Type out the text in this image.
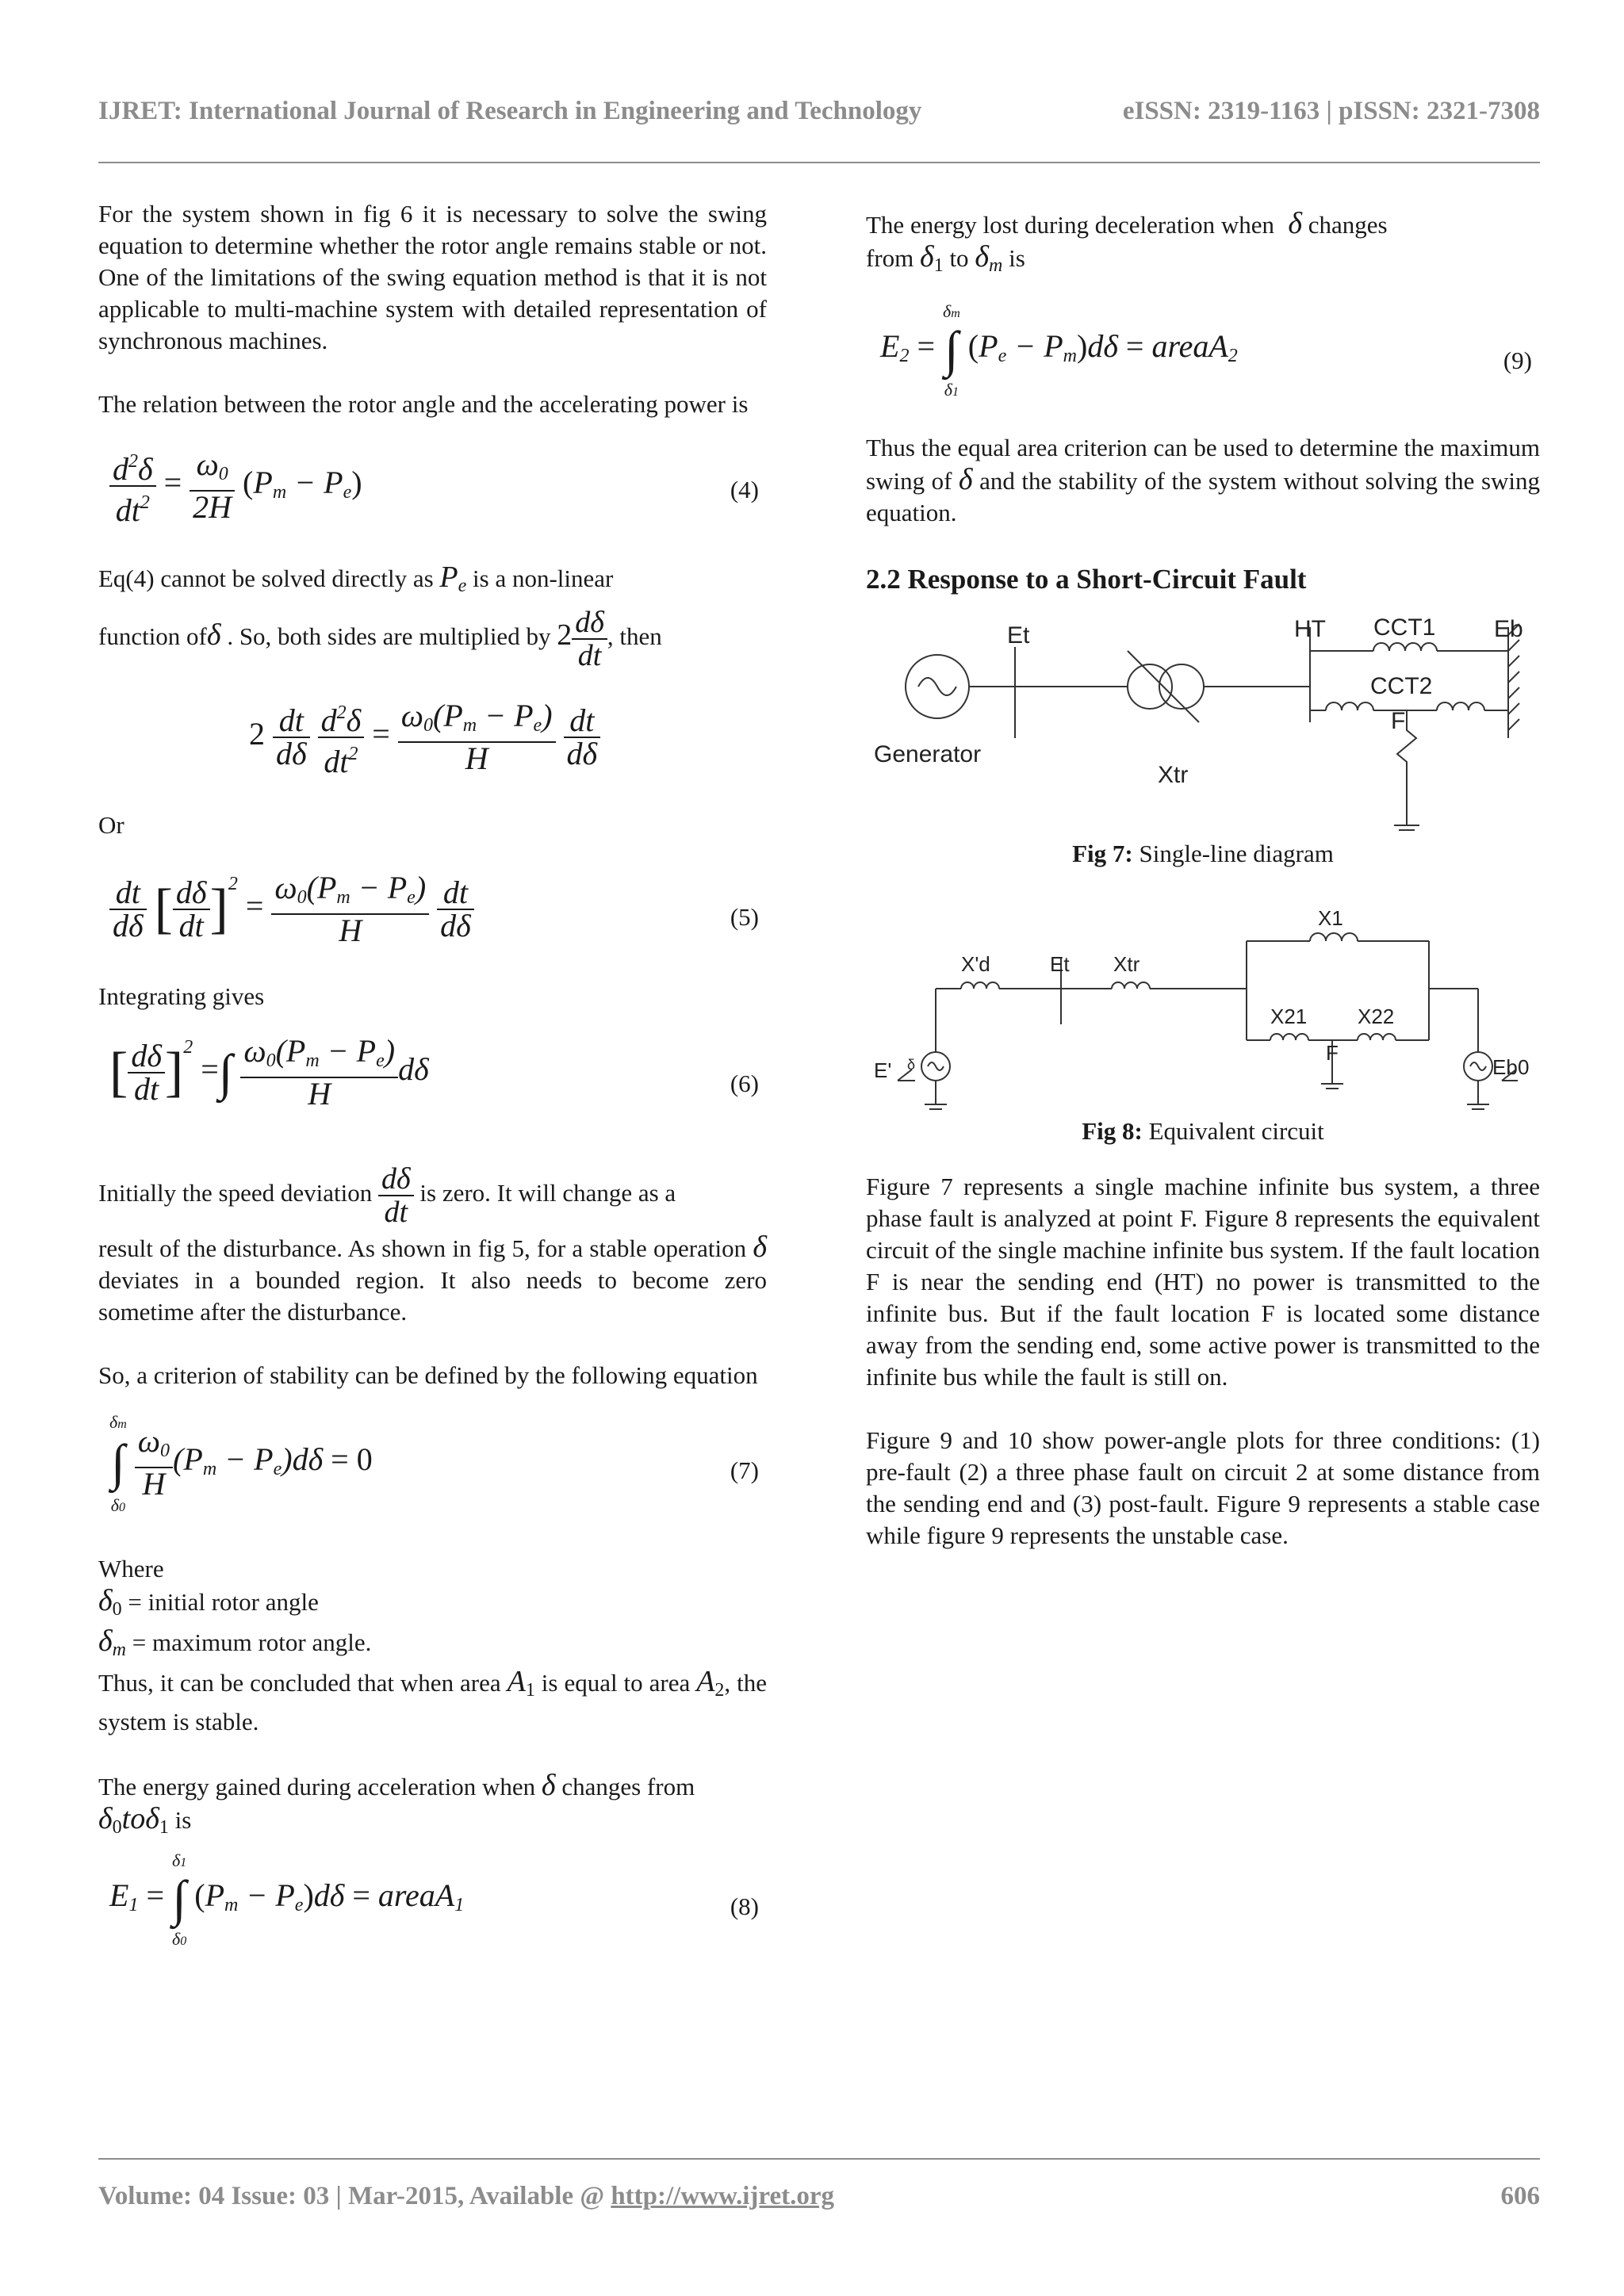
IJRET: International Journal of Research in Engineering and Technology	eISSN: 2319-1163 | pISSN: 2321-7308

For the system shown in fig 6 it is necessary to solve the swing equation to determine whether the rotor angle remains stable or not. One of the limitations of the swing equation method is that it is not applicable to multi-machine system with detailed representation of synchronous machines.

The relation between the rotor angle and the accelerating power is

$\frac{d^2\delta}{dt^2} = \frac{\omega_0}{2H} (P_m - P_e)$	(4)

Eq(4) cannot be solved directly as $P_e$ is a non-linear

function ofδ . So, both sides are multiplied by $2 \frac{d\delta}{dt}$ , then

$2 \frac{dt}{d\delta}$
$\frac{d^2\delta}{dt^2} = \frac{\omega_0(P_m - P_e)}{H}$
$\frac{dt}{d\delta}$

Or

$\frac{dt}{d\delta}$ [ $\frac{d\delta}{dt} ]^2 = \frac{\omega_0(P_m - P_e)}{H}$
$\frac{dt}{d\delta}$	(5)

Integrating gives

[ $\frac{d\delta}{dt} ]^2$ =∫ $\frac{\omega_0(P_m - P_e)}{H}$ dδ	(6)

Initially the speed deviation $\frac{d\delta}{dt}$ is zero. It will change as a

result of the disturbance. As shown in fig 5, for a stable operation δ deviates in a bounded region. It also needs to become zero sometime after the disturbance.

So, a criterion of stability can be defined by the following equation

δm
∫
δ0
$\frac{\omega_0}{H} (P_m - P_e)d\delta = 0$	(7)

Where

$\delta_0$ = initial rotor angle

$\delta_m$ = maximum rotor angle.

Thus, it can be concluded that when area $A_1$ is equal to area $A_2$, the system is stable.

The energy gained during acceleration when δ changes from

$\delta_0to\delta_1$ is

$E_1 = \delta 1$
∫
δ0 $(P_m - P_e)d\delta$ = areaA$_1$	(8)

The energy lost during deceleration when  δ changes

from $\delta_1$ to $\delta_m$ is

$E_2 = \delta m$
∫
δ1 $(P_e - P_m)d\delta$ = areaA$_2$	(9)

Thus the equal area criterion can be used to determine the maximum swing of δ and the stability of the system without solving the swing equation.

2.2 Response to a Short-Circuit Fault
Et	HT CCT1 Eb
CCT2
F
Generator
Xtr

Fig 7: Single-line diagram

X1
X'd	Et Xtr
X21 X22
F
E' δ	Eb 0

Fig 8: Equivalent circuit

Figure 7 represents a single machine infinite bus system, a three phase fault is analyzed at point F. Figure 8 represents the equivalent circuit of the single machine infinite bus system. If the fault location F is near the sending end (HT) no power is transmitted to the infinite bus. But if the fault location F is located some distance away from the sending end, some active power is transmitted to the infinite bus while the fault is still on.

Figure 9 and 10 show power-angle plots for three conditions: (1) pre-fault (2) a three phase fault on circuit 2 at some distance from the sending end and (3) post-fault. Figure 9 represents a stable case while figure 9 represents the unstable case.

Volume: 04 Issue: 03 | Mar-2015, Available @ http://www.ijret.org	606
